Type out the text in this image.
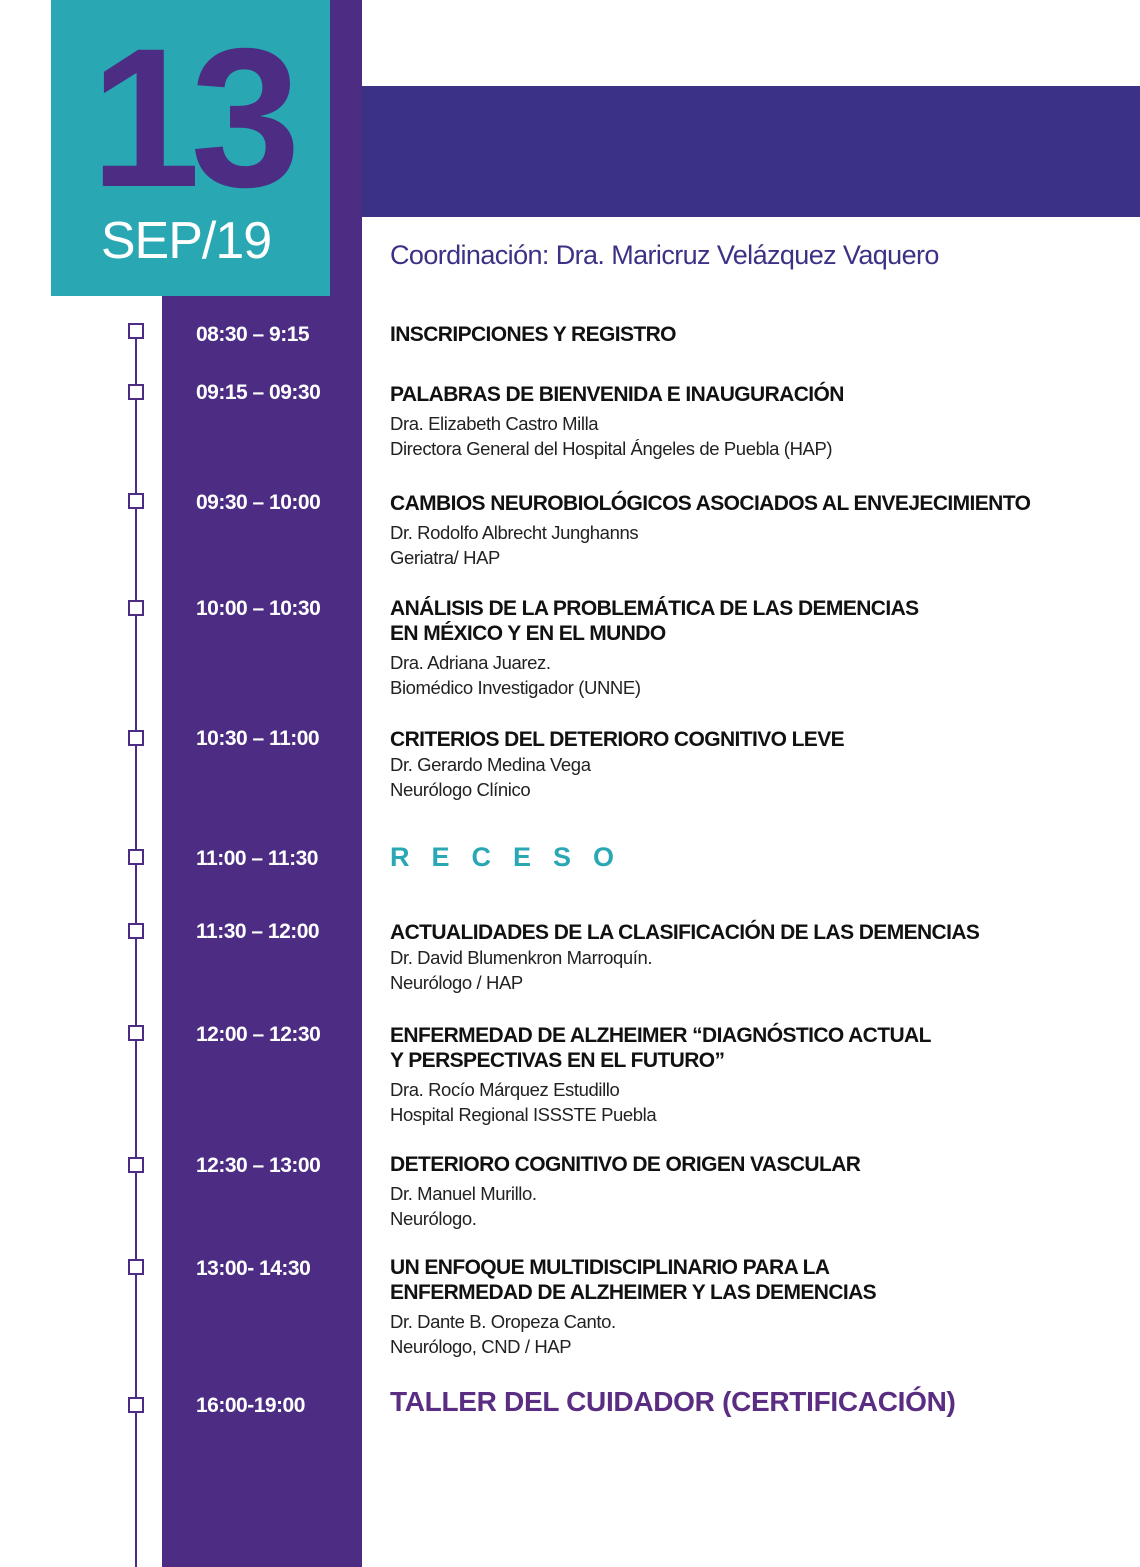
13
SEP/19	Coordinación: Dra. Maricruz Velázquez Vaquero
08:30 – 9:15	INSCRIPCIONES Y REGISTRO
09:15 – 09:30	PALABRAS DE BIENVENIDA E INAUGURACIÓN
Dra. Elizabeth Castro Milla
Directora General del Hospital Ángeles de Puebla (HAP)
09:30 – 10:00	CAMBIOS NEUROBIOLÓGICOS ASOCIADOS AL ENVEJECIMIENTO
Dr. Rodolfo Albrecht Junghanns
Geriatra/ HAP
10:00 – 10:30	ANÁLISIS DE LA PROBLEMÁTICA DE LAS DEMENCIAS
EN MÉXICO Y EN EL MUNDO
Dra. Adriana Juarez.
Biomédico Investigador (UNNE)
10:30 – 11:00	CRITERIOS DEL DETERIORO COGNITIVO LEVE
Dr. Gerardo Medina Vega
Neurólogo Clínico
11:00 – 11:30	RECESO
11:30 – 12:00	ACTUALIDADES DE LA CLASIFICACIÓN DE LAS DEMENCIAS
Dr. David Blumenkron Marroquín.
Neurólogo / HAP
12:00 – 12:30	ENFERMEDAD DE ALZHEIMER “DIAGNÓSTICO ACTUAL
Y PERSPECTIVAS EN EL FUTURO”
Dra. Rocío Márquez Estudillo
Hospital Regional ISSSTE Puebla
12:30 – 13:00	DETERIORO COGNITIVO DE ORIGEN VASCULAR
Dr. Manuel Murillo.
Neurólogo.
13:00- 14:30	UN ENFOQUE MULTIDISCIPLINARIO PARA LA
ENFERMEDAD DE ALZHEIMER Y LAS DEMENCIAS
Dr. Dante B. Oropeza Canto.
Neurólogo, CND / HAP
16:00-19:00	TALLER DEL CUIDADOR (CERTIFICACIÓN)
